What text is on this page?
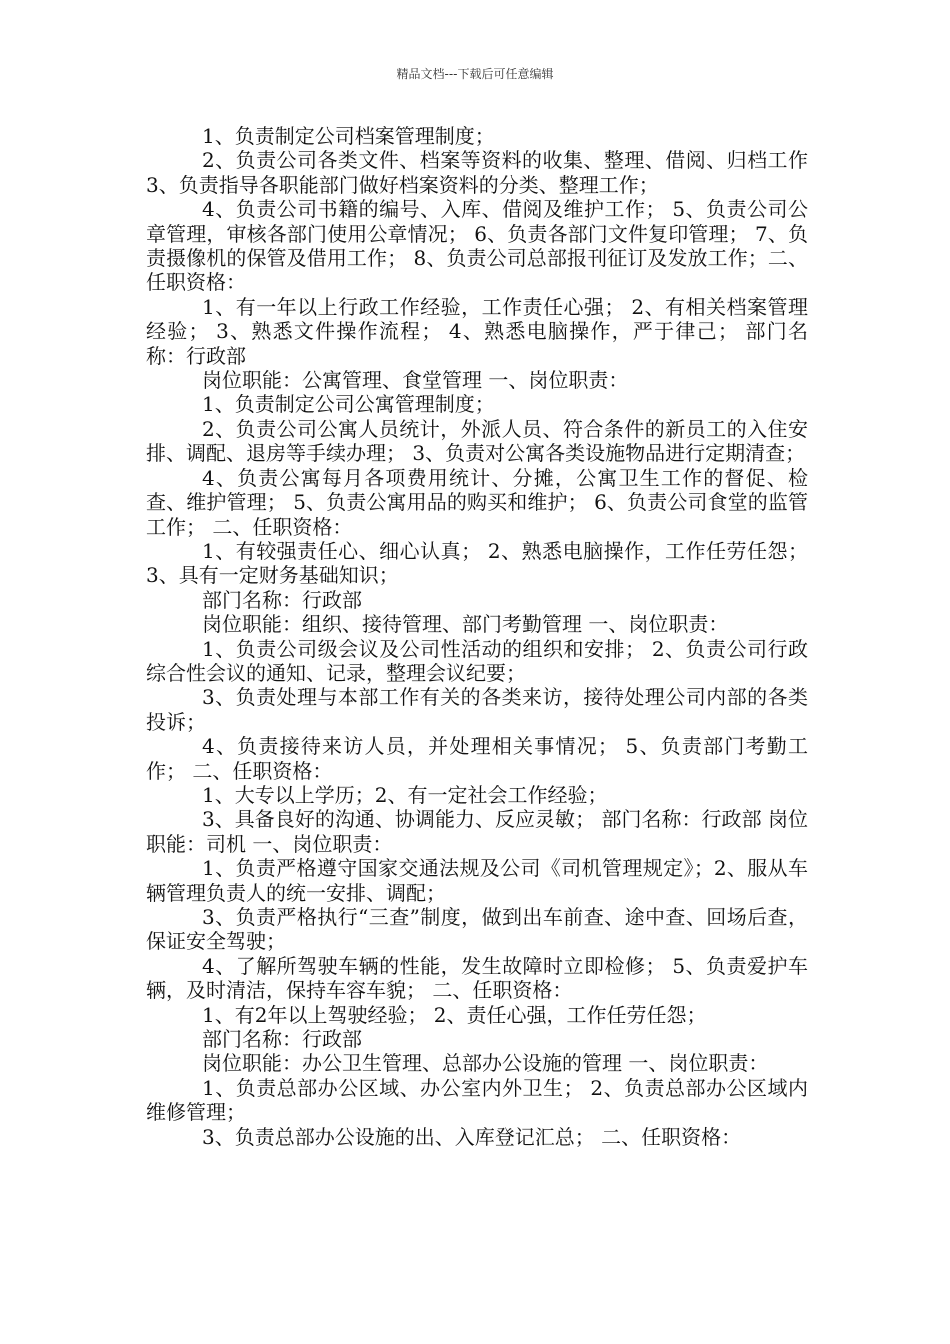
精品文档---下载后可任意编辑

1、负责制定公司档案管理制度；

2、负责公司各类文件、档案等资料的收集、整理、借阅、归档工作 3、负责指导各职能部门做好档案资料的分类、整理工作；

4、负责公司书籍的编号、入库、借阅及维护工作； 5、负责公司公章管理，审核各部门使用公章情况； 6、负责各部门文件复印管理； 7、负责摄像机的保管及借用工作； 8、负责公司总部报刊征订及发放工作；二、任职资格：

1、有一年以上行政工作经验，工作责任心强； 2、有相关档案管理经验； 3、熟悉文件操作流程； 4、熟悉电脑操作，严于律己； 部门名称：行政部

岗位职能：公寓管理、食堂管理 一、岗位职责：

1、负责制定公司公寓管理制度；

2、负责公司公寓人员统计，外派人员、符合条件的新员工的入住安排、调配、退房等手续办理； 3、负责对公寓各类设施物品进行定期清查；

4、负责公寓每月各项费用统计、分摊，公寓卫生工作的督促、检查、维护管理； 5、负责公寓用品的购买和维护； 6、负责公司食堂的监管工作； 二、任职资格：

1、有较强责任心、细心认真； 2、熟悉电脑操作，工作任劳任怨； 3、具有一定财务基础知识；

部门名称：行政部

岗位职能：组织、接待管理、部门考勤管理 一、岗位职责：

1、负责公司级会议及公司性活动的组织和安排； 2、负责公司行政综合性会议的通知、记录，整理会议纪要；

3、负责处理与本部工作有关的各类来访，接待处理公司内部的各类投诉；

4、负责接待来访人员，并处理相关事情况； 5、负责部门考勤工作； 二、任职资格：

1、大专以上学历；2、有一定社会工作经验；

3、具备良好的沟通、协调能力、反应灵敏； 部门名称：行政部 岗位职能：司机 一、岗位职责：

1、负责严格遵守国家交通法规及公司《司机管理规定》；2、服从车辆管理负责人的统一安排、调配；

3、负责严格执行“三查”制度，做到出车前查、途中查、回场后查，保证安全驾驶；

4、了解所驾驶车辆的性能，发生故障时立即检修； 5、负责爱护车辆，及时清洁，保持车容车貌； 二、任职资格：

1、有2年以上驾驶经验； 2、责任心强，工作任劳任怨；

部门名称：行政部

岗位职能：办公卫生管理、总部办公设施的管理 一、岗位职责：

1、负责总部办公区域、办公室内外卫生； 2、负责总部办公区域内维修管理；

3、负责总部办公设施的出、入库登记汇总； 二、任职资格：
